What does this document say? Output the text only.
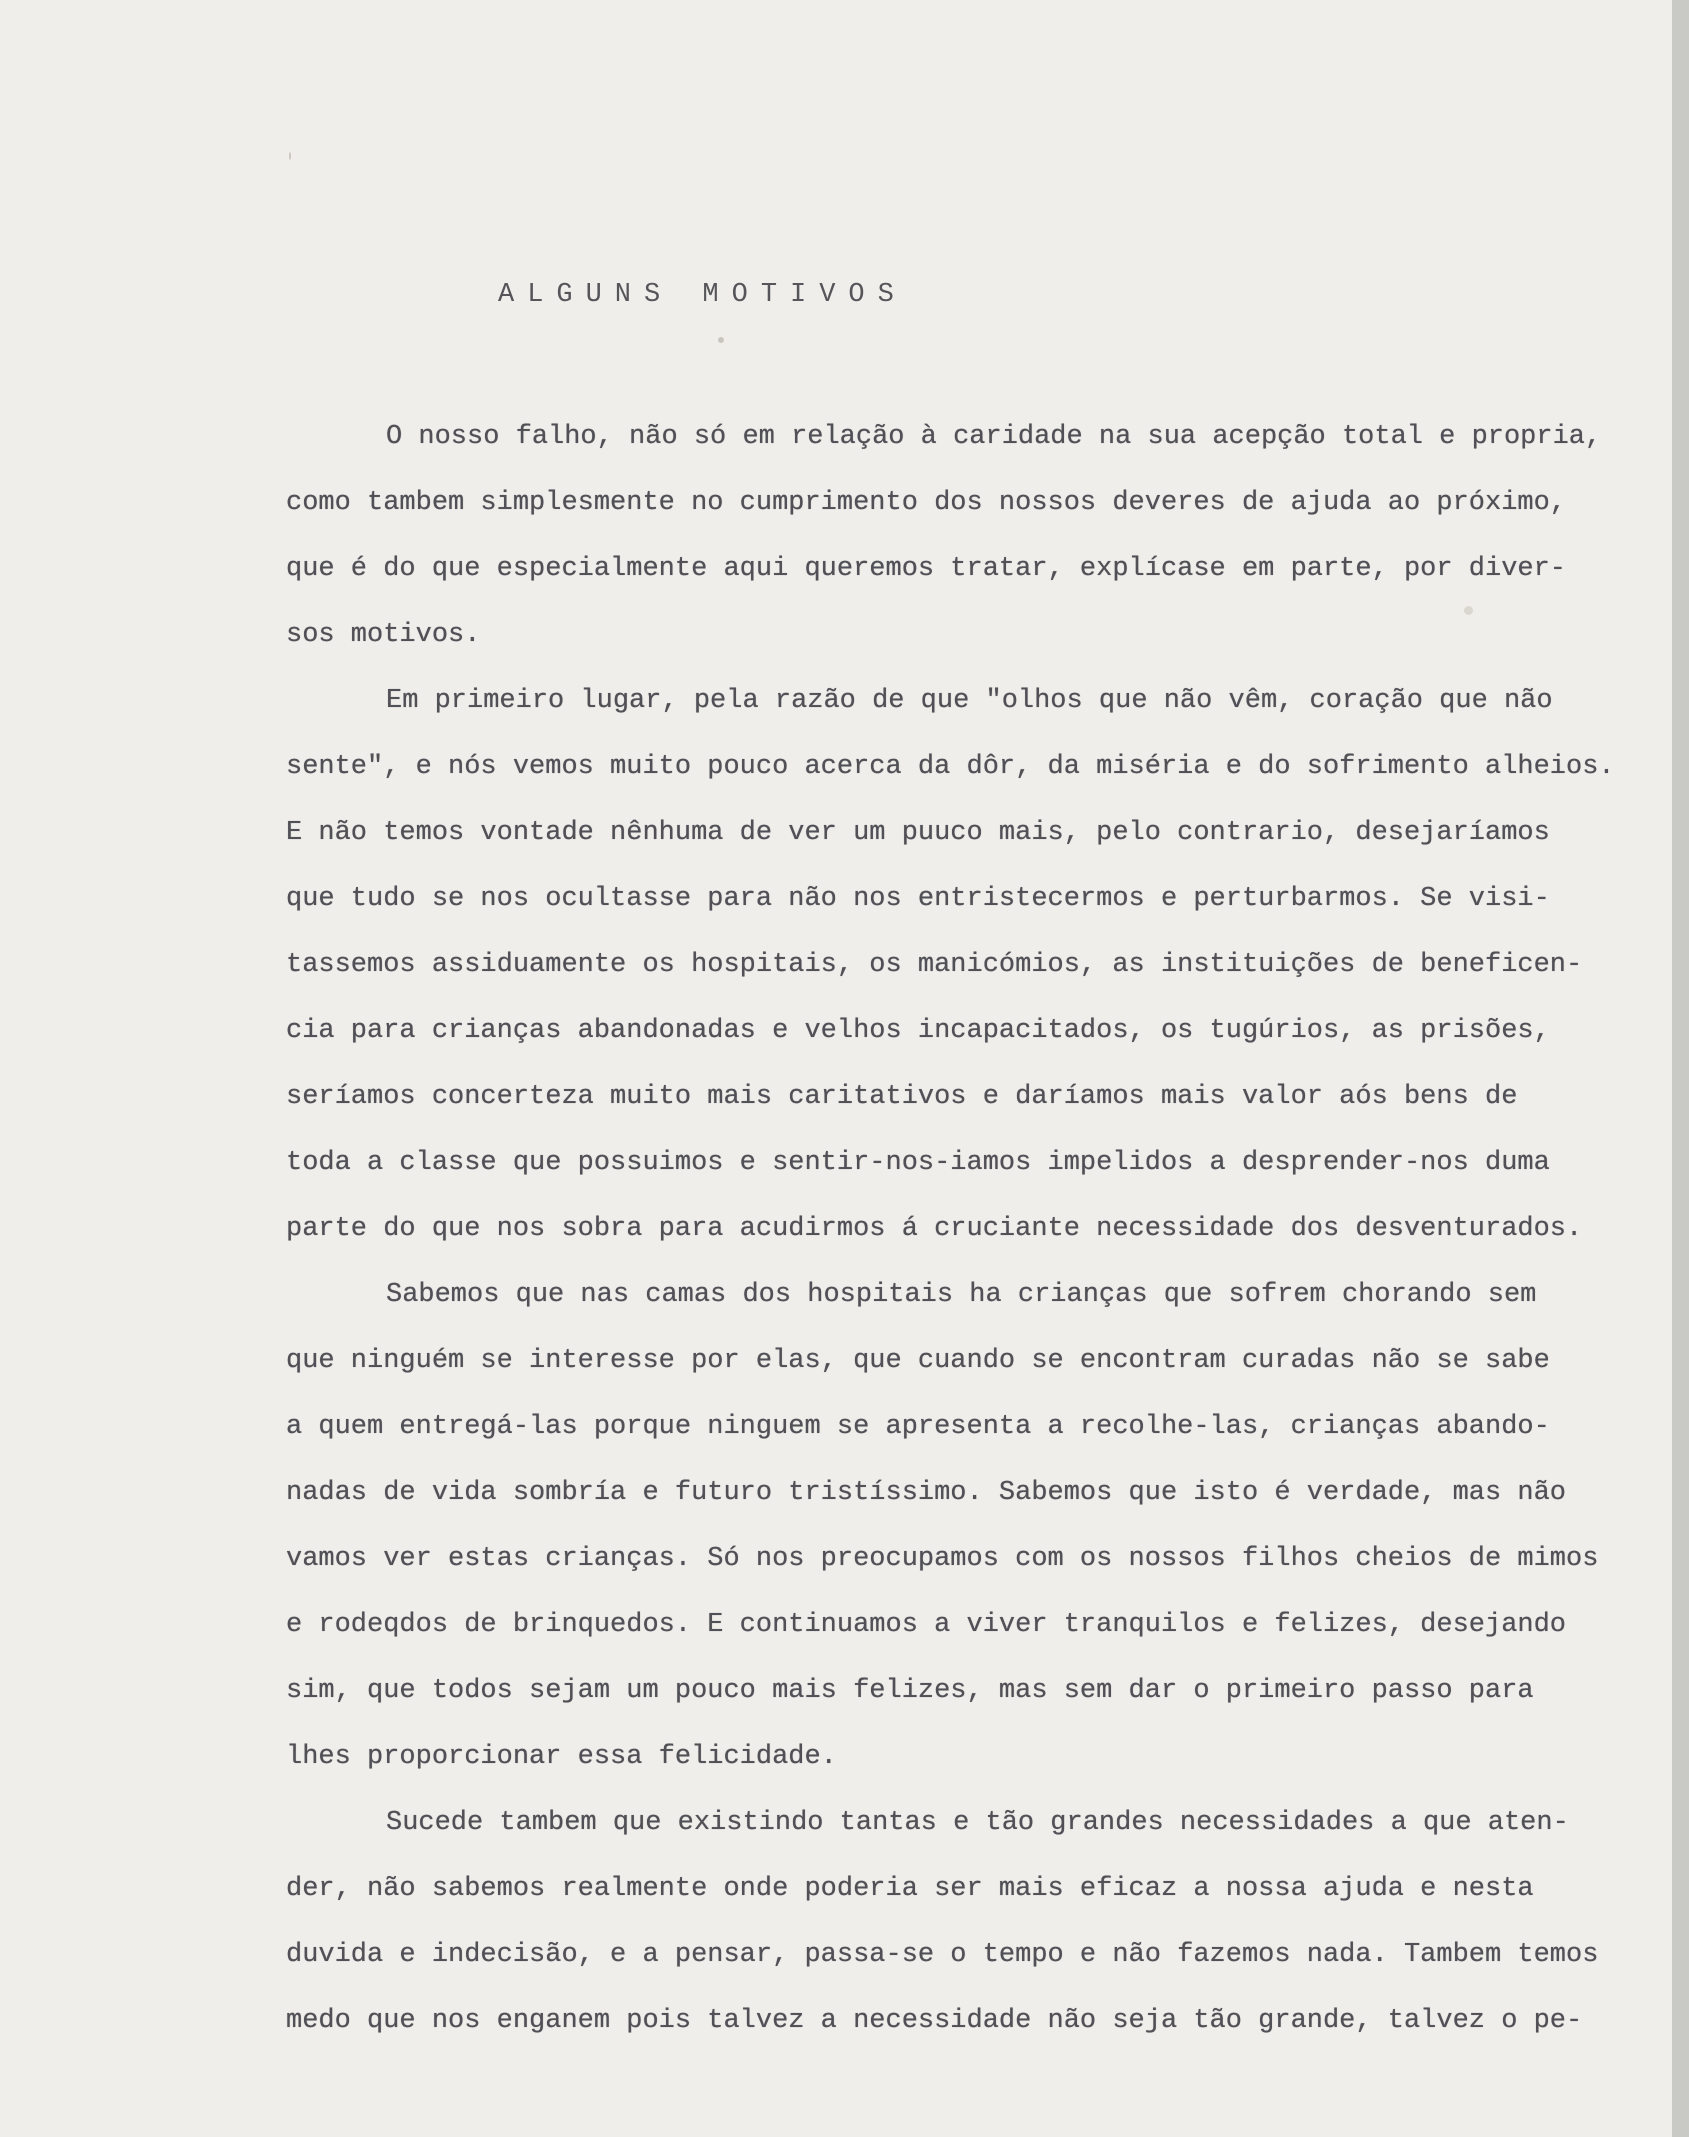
ALGUNS MOTIVOS
O nosso falho, não só em relação à caridade na sua acepção total e propria,
como tambem simplesmente no cumprimento dos nossos deveres de ajuda ao próximo,
que é do que especialmente aqui queremos tratar, explícase em parte, por diver-
sos motivos.
Em primeiro lugar, pela razão de que "olhos que não vêm, coração que não
sente", e nós vemos muito pouco acerca da dôr, da miséria e do sofrimento alheios.
E não temos vontade nênhuma de ver um puuco mais, pelo contrario, desejaríamos
que tudo se nos ocultasse para não nos entristecermos e perturbarmos. Se visi-
tassemos assiduamente os hospitais, os manicómios, as instituições de beneficen-
cia para crianças abandonadas e velhos incapacitados, os tugúrios, as prisões,
seríamos concerteza muito mais caritativos e daríamos mais valor aós bens de
toda a classe que possuimos e sentir-nos-iamos impelidos a desprender-nos duma
parte do que nos sobra para acudirmos á cruciante necessidade dos desventurados.
Sabemos que nas camas dos hospitais ha crianças que sofrem chorando sem
que ninguém se interesse por elas, que cuando se encontram curadas não se sabe
a quem entregá-las porque ninguem se apresenta a recolhe-las, crianças abando-
nadas de vida sombría e futuro tristíssimo. Sabemos que isto é verdade, mas não
vamos ver estas crianças. Só nos preocupamos com os nossos filhos cheios de mimos
e rodeqdos de brinquedos. E continuamos a viver tranquilos e felizes, desejando
sim, que todos sejam um pouco mais felizes, mas sem dar o primeiro passo para
lhes proporcionar essa felicidade.
Sucede tambem que existindo tantas e tão grandes necessidades a que aten-
der, não sabemos realmente onde poderia ser mais eficaz a nossa ajuda e nesta
duvida e indecisão, e a pensar, passa-se o tempo e não fazemos nada. Tambem temos
medo que nos enganem pois talvez a necessidade não seja tão grande, talvez o pe-
